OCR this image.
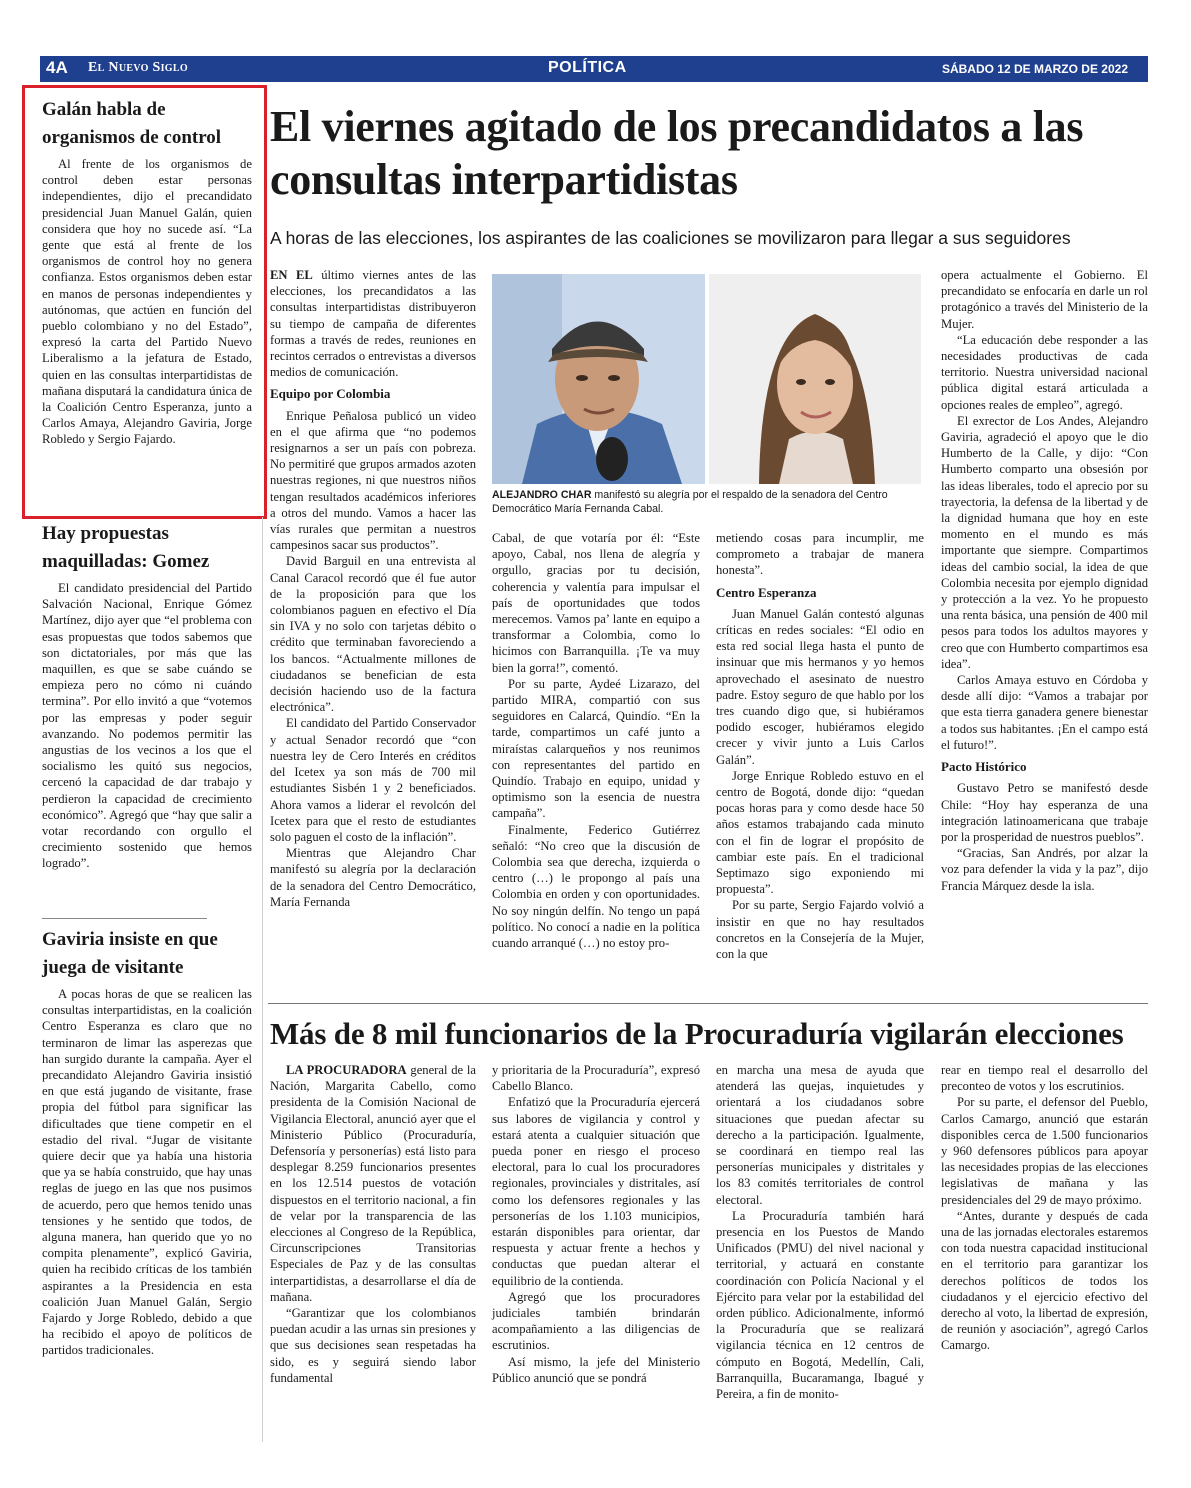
4A El Nuevo Siglo	POLÍTICA	SÁBADO 12 DE MARZO DE 2022
Galán habla de organismos de control

Al frente de los organismos de control deben estar personas independientes, dijo el precandidato presidencial Juan Manuel Galán, quien considera que hoy no sucede así. “La gente que está al frente de los organismos de control hoy no genera confianza. Estos organismos deben estar en manos de personas independientes y autónomas, que actúen en función del pueblo colombiano y no del Estado”, expresó la carta del Partido Nuevo Liberalismo a la jefatura de Estado, quien en las consultas interpartidistas de mañana disputará la candidatura única de la Coalición Centro Esperanza, junto a Carlos Amaya, Alejandro Gaviria, Jorge Robledo y Sergio Fajardo.

Hay propuestas maquilladas: Gomez

El candidato presidencial del Partido Salvación Nacional, Enrique Gómez Martínez, dijo ayer que “el problema con esas propuestas que todos sabemos que son dictatoriales, por más que las maquillen, es que se sabe cuándo se empieza pero no cómo ni cuándo termina”. Por ello invitó a que “votemos por las empresas y poder seguir avanzando. No podemos permitir las angustias de los vecinos a los que el socialismo les quitó sus negocios, cercenó la capacidad de dar trabajo y perdieron la capacidad de crecimiento económico”. Agregó que “hay que salir a votar recordando con orgullo el crecimiento sostenido que hemos logrado”.

Gaviria insiste en que juega de visitante

A pocas horas de que se realicen las consultas interpartidistas, en la coalición Centro Esperanza es claro que no terminaron de limar las asperezas que han surgido durante la campaña. Ayer el precandidato Alejandro Gaviria insistió en que está jugando de visitante, frase propia del fútbol para significar las dificultades que tiene competir en el estadio del rival. “Jugar de visitante quiere decir que ya había una historia que ya se había construido, que hay unas reglas de juego en las que nos pusimos de acuerdo, pero que hemos tenido unas tensiones y he sentido que todos, de alguna manera, han querido que yo no compita plenamente”, explicó Gaviria, quien ha recibido críticas de los también aspirantes a la Presidencia en esta coalición Juan Manuel Galán, Sergio Fajardo y Jorge Robledo, debido a que ha recibido el apoyo de políticos de partidos tradicionales.

El viernes agitado de los precandidatos a las consultas interpartidistas
A horas de las elecciones, los aspirantes de las coaliciones se movilizaron para llegar a sus seguidores

EN EL último viernes antes de las elecciones, los precandidatos a las consultas interpartidistas distribuyeron su tiempo de campaña de diferentes formas a través de redes, reuniones en recintos cerrados o entrevistas a diversos medios de comunicación.

Equipo por Colombia

Enrique Peñalosa publicó un video en el que afirma que “no podemos resignarnos a ser un país con pobreza. No permitiré que grupos armados azoten nuestras regiones, ni que nuestros niños tengan resultados académicos inferiores a otros del mundo. Vamos a hacer las vías rurales que permitan a nuestros campesinos sacar sus productos”.

David Barguil en una entrevista al Canal Caracol recordó que él fue autor de la proposición para que los colombianos paguen en efectivo el Día sin IVA y no solo con tarjetas débito o crédito que terminaban favoreciendo a los bancos. “Actualmente millones de ciudadanos se benefician de esta decisión haciendo uso de la factura electrónica”.

El candidato del Partido Conservador y actual Senador recordó que “con nuestra ley de Cero Interés en créditos del Icetex ya son más de 700 mil estudiantes Sisbén 1 y 2 beneficiados. Ahora vamos a liderar el revolcón del Icetex para que el resto de estudiantes solo paguen el costo de la inflación”.

Mientras que Alejandro Char manifestó su alegría por la declaración de la senadora del Centro Democrático, María Fernanda

ALEJANDRO CHAR manifestó su alegría por el respaldo de la senadora del Centro Democrático María Fernanda Cabal.

Cabal, de que votaría por él: “Este apoyo, Cabal, nos llena de alegría y orgullo, gracias por tu decisión, coherencia y valentía para impulsar el país de oportunidades que todos merecemos. Vamos pa’ lante en equipo a transformar a Colombia, como lo hicimos con Barranquilla. ¡Te va muy bien la gorra!”, comentó.

Por su parte, Aydeé Lizarazo, del partido MIRA, compartió con sus seguidores en Calarcá, Quindío. “En la tarde, compartimos un café junto a miraístas calarqueños y nos reunimos con representantes del partido en Quindío. Trabajo en equipo, unidad y optimismo son la esencia de nuestra campaña”.

Finalmente, Federico Gutiérrez señaló: “No creo que la discusión de Colombia sea que derecha, izquierda o centro (…) le propongo al país una Colombia en orden y con oportunidades. No soy ningún delfín. No tengo un papá político. No conocí a nadie en la política cuando arranqué (…) no estoy pro-

metiendo cosas para incumplir, me comprometo a trabajar de manera honesta”.

Centro Esperanza

Juan Manuel Galán contestó algunas críticas en redes sociales: “El odio en esta red social llega hasta el punto de insinuar que mis hermanos y yo hemos aprovechado el asesinato de nuestro padre. Estoy seguro de que hablo por los tres cuando digo que, si hubiéramos podido escoger, hubiéramos elegido crecer y vivir junto a Luis Carlos Galán”.

Jorge Enrique Robledo estuvo en el centro de Bogotá, donde dijo: “quedan pocas horas para y como desde hace 50 años estamos trabajando cada minuto con el fin de lograr el propósito de cambiar este país. En el tradicional Septimazo sigo exponiendo mi propuesta”.

Por su parte, Sergio Fajardo volvió a insistir en que no hay resultados concretos en la Consejería de la Mujer, con la que

opera actualmente el Gobierno. El precandidato se enfocaría en darle un rol protagónico a través del Ministerio de la Mujer.

“La educación debe responder a las necesidades productivas de cada territorio. Nuestra universidad nacional pública digital estará articulada a opciones reales de empleo”, agregó.

El exrector de Los Andes, Alejandro Gaviria, agradeció el apoyo que le dio Humberto de la Calle, y dijo: “Con Humberto comparto una obsesión por las ideas liberales, todo el aprecio por su trayectoria, la defensa de la libertad y de la dignidad humana que hoy en este momento en el mundo es más importante que siempre. Compartimos ideas del cambio social, la idea de que Colombia necesita por ejemplo dignidad y protección a la vez. Yo he propuesto una renta básica, una pensión de 400 mil pesos para todos los adultos mayores y creo que con Humberto compartimos esa idea”.

Carlos Amaya estuvo en Córdoba y desde allí dijo: “Vamos a trabajar por que esta tierra ganadera genere bienestar a todos sus habitantes. ¡En el campo está el futuro!”.

Pacto Histórico

Gustavo Petro se manifestó desde Chile: “Hoy hay esperanza de una integración latinoamericana que trabaje por la prosperidad de nuestros pueblos”.

“Gracias, San Andrés, por alzar la voz para defender la vida y la paz”, dijo Francia Márquez desde la isla.

Más de 8 mil funcionarios de la Procuraduría vigilarán elecciones

LA PROCURADORA general de la Nación, Margarita Cabello, como presidenta de la Comisión Nacional de Vigilancia Electoral, anunció ayer que el Ministerio Público (Procuraduría, Defensoría y personerías) está listo para desplegar 8.259 funcionarios presentes en los 12.514 puestos de votación dispuestos en el territorio nacional, a fin de velar por la transparencia de las elecciones al Congreso de la República, Circunscripciones Transitorias Especiales de Paz y de las consultas interpartidistas, a desarrollarse el día de mañana.

“Garantizar que los colombianos puedan acudir a las urnas sin presiones y que sus decisiones sean respetadas ha sido, es y seguirá siendo labor fundamental

y prioritaria de la Procuraduría”, expresó Cabello Blanco.

Enfatizó que la Procuraduría ejercerá sus labores de vigilancia y control y estará atenta a cualquier situación que pueda poner en riesgo el proceso electoral, para lo cual los procuradores regionales, provinciales y distritales, así como los defensores regionales y las personerías de los 1.103 municipios, estarán disponibles para orientar, dar respuesta y actuar frente a hechos y conductas que puedan alterar el equilibrio de la contienda.

Agregó que los procuradores judiciales también brindarán acompañamiento a las diligencias de escrutinios.

Así mismo, la jefe del Ministerio Público anunció que se pondrá

en marcha una mesa de ayuda que atenderá las quejas, inquietudes y orientará a los ciudadanos sobre situaciones que puedan afectar su derecho a la participación. Igualmente, se coordinará en tiempo real las personerías municipales y distritales y los 83 comités territoriales de control electoral.

La Procuraduría también hará presencia en los Puestos de Mando Unificados (PMU) del nivel nacional y territorial, y actuará en constante coordinación con Policía Nacional y el Ejército para velar por la estabilidad del orden público. Adicionalmente, informó la Procuraduría que se realizará vigilancia técnica en 12 centros de cómputo en Bogotá, Medellín, Cali, Barranquilla, Bucaramanga, Ibagué y Pereira, a fin de monito-

rear en tiempo real el desarrollo del preconteo de votos y los escrutinios.

Por su parte, el defensor del Pueblo, Carlos Camargo, anunció que estarán disponibles cerca de 1.500 funcionarios y 960 defensores públicos para apoyar las necesidades propias de las elecciones legislativas de mañana y las presidenciales del 29 de mayo próximo.

“Antes, durante y después de cada una de las jornadas electorales estaremos con toda nuestra capacidad institucional en el territorio para garantizar los derechos políticos de todos los ciudadanos y el ejercicio efectivo del derecho al voto, la libertad de expresión, de reunión y asociación”, agregó Carlos Camargo.
